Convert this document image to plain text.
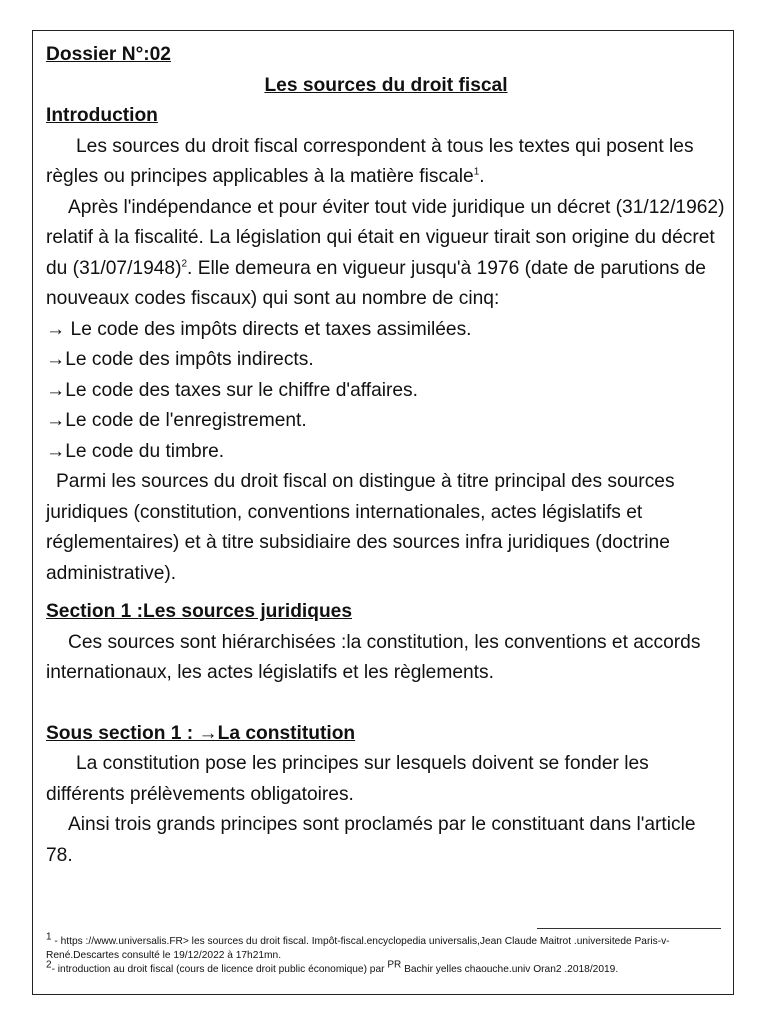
Dossier N°:02

Les sources du droit fiscal

Introduction

Les sources du droit fiscal correspondent à tous les textes qui posent les règles ou principes applicables à la matière fiscale$^1$.

Après l'indépendance et pour éviter tout vide juridique un décret (31/12/1962) relatif à la fiscalité. La législation qui était en vigueur tirait son origine du décret du $(31/07/1948)^2$. Elle demeura en vigueur jusqu'à 1976 (date de parutions de nouveaux codes fiscaux) qui sont au nombre de cinq:

→ Le code des impôts directs et taxes assimilées.

→Le code des impôts indirects.

→Le code des taxes sur le chiffre d'affaires.

→Le code de l'enregistrement.

→Le code du timbre.

Parmi les sources du droit fiscal on distingue à titre principal des sources juridiques (constitution, conventions internationales, actes législatifs et réglementaires) et à titre subsidiaire des sources infra juridiques (doctrine administrative).

Section 1 :Les sources juridiques

Ces sources sont hiérarchisées :la constitution, les conventions et accords internationaux, les actes législatifs et les règlements.

Sous section 1 : →La constitution

La constitution pose les principes sur lesquels doivent se fonder les différents prélèvements obligatoires.

Ainsi trois grands principes sont proclamés par le constituant dans l'article 78.

$^1$ - https ://www.universalis.FR> les sources du droit fiscal. Impôt-fiscal.encyclopedia universalis,Jean Claude Maitrot .universitede Paris-v-René.Descartes consulté le 19/12/2022 à 17h21mn.

$^2$- introduction au droit fiscal (cours de licence droit public économique) par $^{PR}$ Bachir yelles chaouche.univ Oran2 .2018/2019.
